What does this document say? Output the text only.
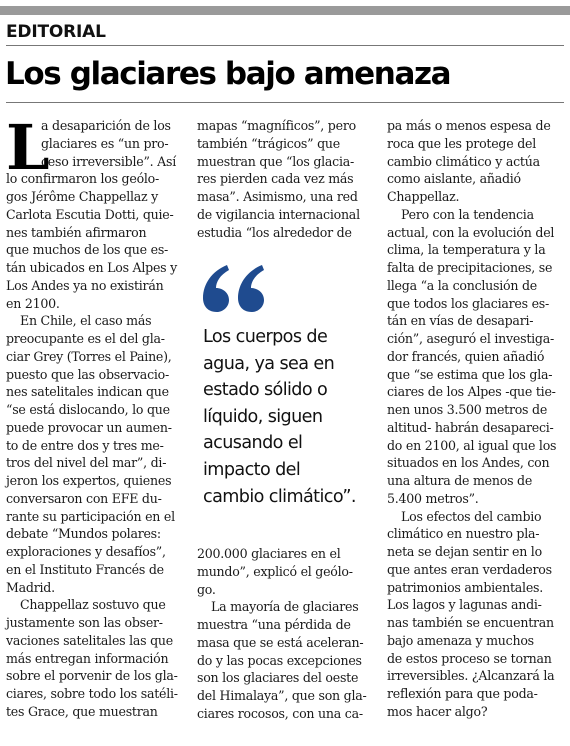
EDITORIAL
Los glaciares bajo amenaza
L
a desaparición de los
glaciares es “un pro-
ceso irreversible”. Así
lo confirmaron los geólo-
gos Jérôme Chappellaz y
Carlota Escutia Dotti, quie-
nes también afirmaron
que muchos de los que es-
tán ubicados en Los Alpes y
Los Andes ya no existirán
en 2100.
En Chile, el caso más
preocupante es el del gla-
ciar Grey (Torres el Paine),
puesto que las observacio-
nes satelitales indican que
“se está dislocando, lo que
puede provocar un aumen-
to de entre dos y tres me-
tros del nivel del mar”, di-
jeron los expertos, quienes
conversaron con EFE du-
rante su participación en el
debate “Mundos polares:
exploraciones y desafíos”,
en el Instituto Francés de
Madrid.
Chappellaz sostuvo que
justamente son las obser-
vaciones satelitales las que
más entregan información
sobre el porvenir de los gla-
ciares, sobre todo los satéli-
tes Grace, que muestran
mapas “magníficos”, pero
también “trágicos” que
muestran que “los glacia-
res pierden cada vez más
masa”. Asimismo, una red
de vigilancia internacional
estudia “los alrededor de
Los cuerpos de
agua, ya sea en
estado sólido o
líquido, siguen
acusando el
impacto del
cambio climático”.
200.000 glaciares en el
mundo”, explicó el geólo-
go.
La mayoría de glaciares
muestra “una pérdida de
masa que se está aceleran-
do y las pocas excepciones
son los glaciares del oeste
del Himalaya”, que son gla-
ciares rocosos, con una ca-
pa más o menos espesa de
roca que les protege del
cambio climático y actúa
como aislante, añadió
Chappellaz.
Pero con la tendencia
actual, con la evolución del
clima, la temperatura y la
falta de precipitaciones, se
llega “a la conclusión de
que todos los glaciares es-
tán en vías de desapari-
ción”, aseguró el investiga-
dor francés, quien añadió
que “se estima que los gla-
ciares de los Alpes -que tie-
nen unos 3.500 metros de
altitud- habrán desapareci-
do en 2100, al igual que los
situados en los Andes, con
una altura de menos de
5.400 metros”.
Los efectos del cambio
climático en nuestro pla-
neta se dejan sentir en lo
que antes eran verdaderos
patrimonios ambientales.
Los lagos y lagunas andi-
nas también se encuentran
bajo amenaza y muchos
de estos proceso se tornan
irreversibles. ¿Alcanzará la
reflexión para que poda-
mos hacer algo?
